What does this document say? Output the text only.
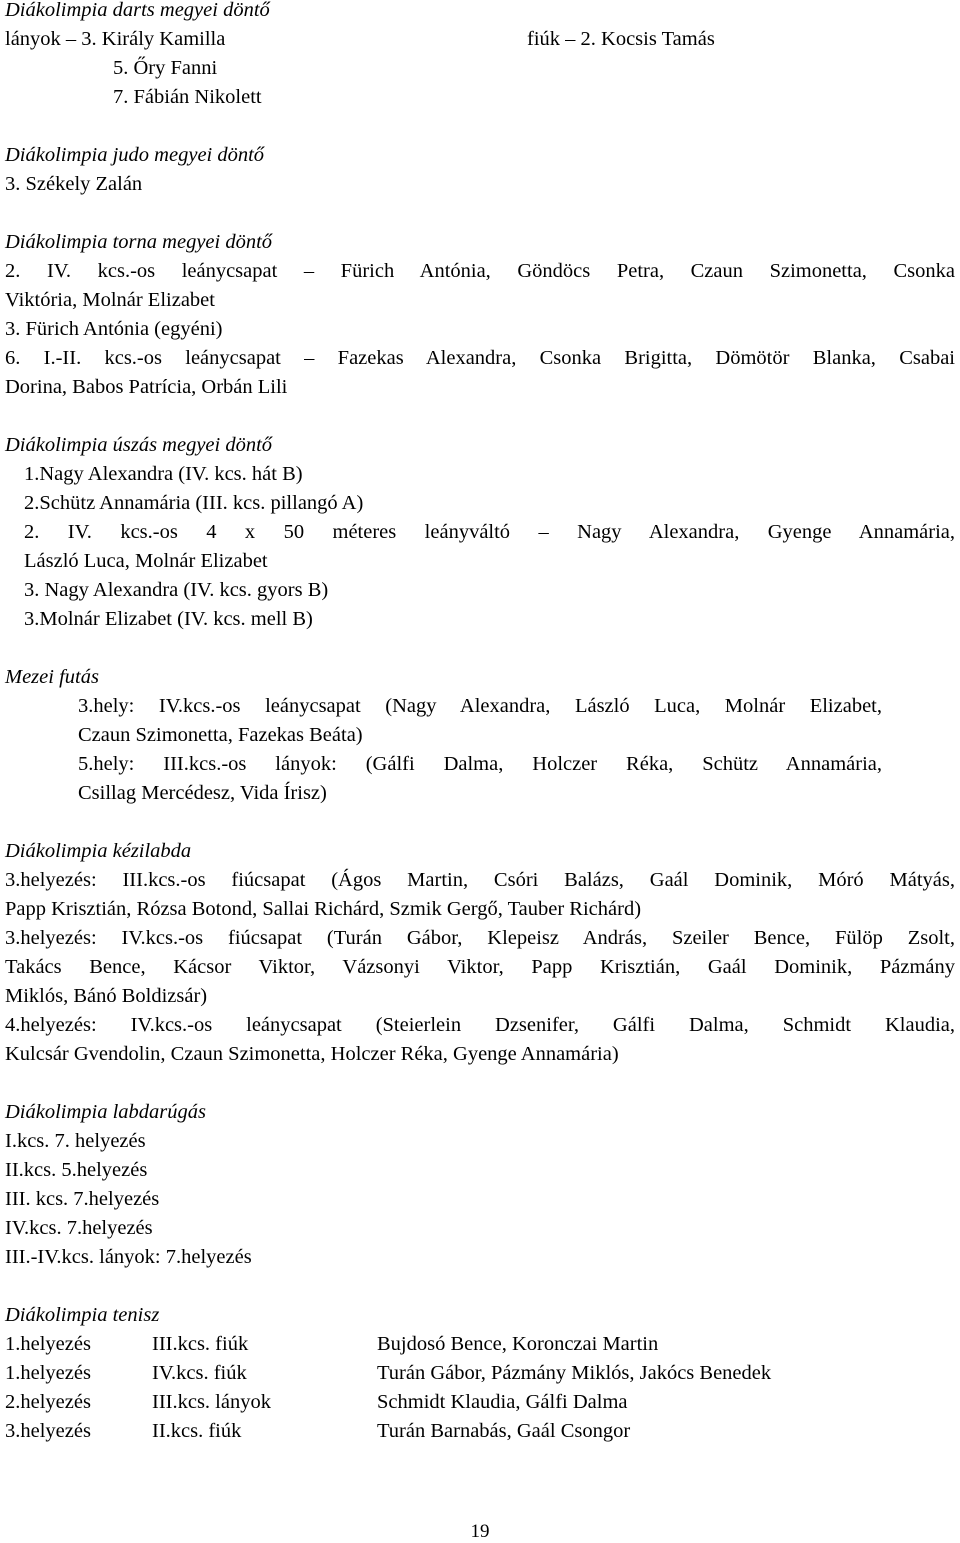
Diákolimpia darts megyei döntő
lányok – 3. Király Kamilla	fiúk – 2. Kocsis Tamás
5. Őry Fanni
7. Fábián Nikolett
Diákolimpia judo megyei döntő
3. Székely Zalán
Diákolimpia torna megyei döntő
2. IV. kcs.-os leánycsapat – Fürich Antónia, Göndöcs Petra, Czaun Szimonetta, Csonka
Viktória, Molnár Elizabet
3. Fürich Antónia (egyéni)
6. I.-II. kcs.-os leánycsapat – Fazekas Alexandra, Csonka Brigitta, Dömötör Blanka, Csabai
Dorina, Babos Patrícia, Orbán Lili
Diákolimpia úszás megyei döntő
1.Nagy Alexandra (IV. kcs. hát B)
2.Schütz Annamária (III. kcs. pillangó A)
2. IV. kcs.-os 4 x 50 méteres leányváltó – Nagy Alexandra, Gyenge Annamária,
László Luca, Molnár Elizabet
3. Nagy Alexandra (IV. kcs. gyors B)
3.Molnár Elizabet (IV. kcs. mell B)
Mezei futás
3.hely: IV.kcs.-os leánycsapat (Nagy Alexandra, László Luca, Molnár Elizabet,
Czaun Szimonetta, Fazekas Beáta)
5.hely: III.kcs.-os lányok: (Gálfi Dalma, Holczer Réka, Schütz Annamária,
Csillag Mercédesz, Vida Írisz)
Diákolimpia kézilabda
3.helyezés: III.kcs.-os fiúcsapat (Ágos Martin, Csóri Balázs, Gaál Dominik, Móró Mátyás,
Papp Krisztián, Rózsa Botond, Sallai Richárd, Szmik Gergő, Tauber Richárd)
3.helyezés: IV.kcs.-os fiúcsapat (Turán Gábor, Klepeisz András, Szeiler Bence, Fülöp Zsolt,
Takács Bence, Kácsor Viktor, Vázsonyi Viktor, Papp Krisztián, Gaál Dominik, Pázmány
Miklós, Bánó Boldizsár)
4.helyezés: IV.kcs.-os leánycsapat (Steierlein Dzsenifer, Gálfi Dalma, Schmidt Klaudia,
Kulcsár Gvendolin, Czaun Szimonetta, Holczer Réka, Gyenge Annamária)
Diákolimpia labdarúgás
I.kcs. 7. helyezés
II.kcs. 5.helyezés
III. kcs. 7.helyezés
IV.kcs. 7.helyezés
III.-IV.kcs. lányok: 7.helyezés
Diákolimpia tenisz
1.helyezés	III.kcs. fiúk	Bujdosó Bence, Koronczai Martin
1.helyezés	IV.kcs. fiúk	Turán Gábor, Pázmány Miklós, Jakócs Benedek
2.helyezés	III.kcs. lányok	Schmidt Klaudia, Gálfi Dalma
3.helyezés	II.kcs. fiúk	Turán Barnabás, Gaál Csongor
19
